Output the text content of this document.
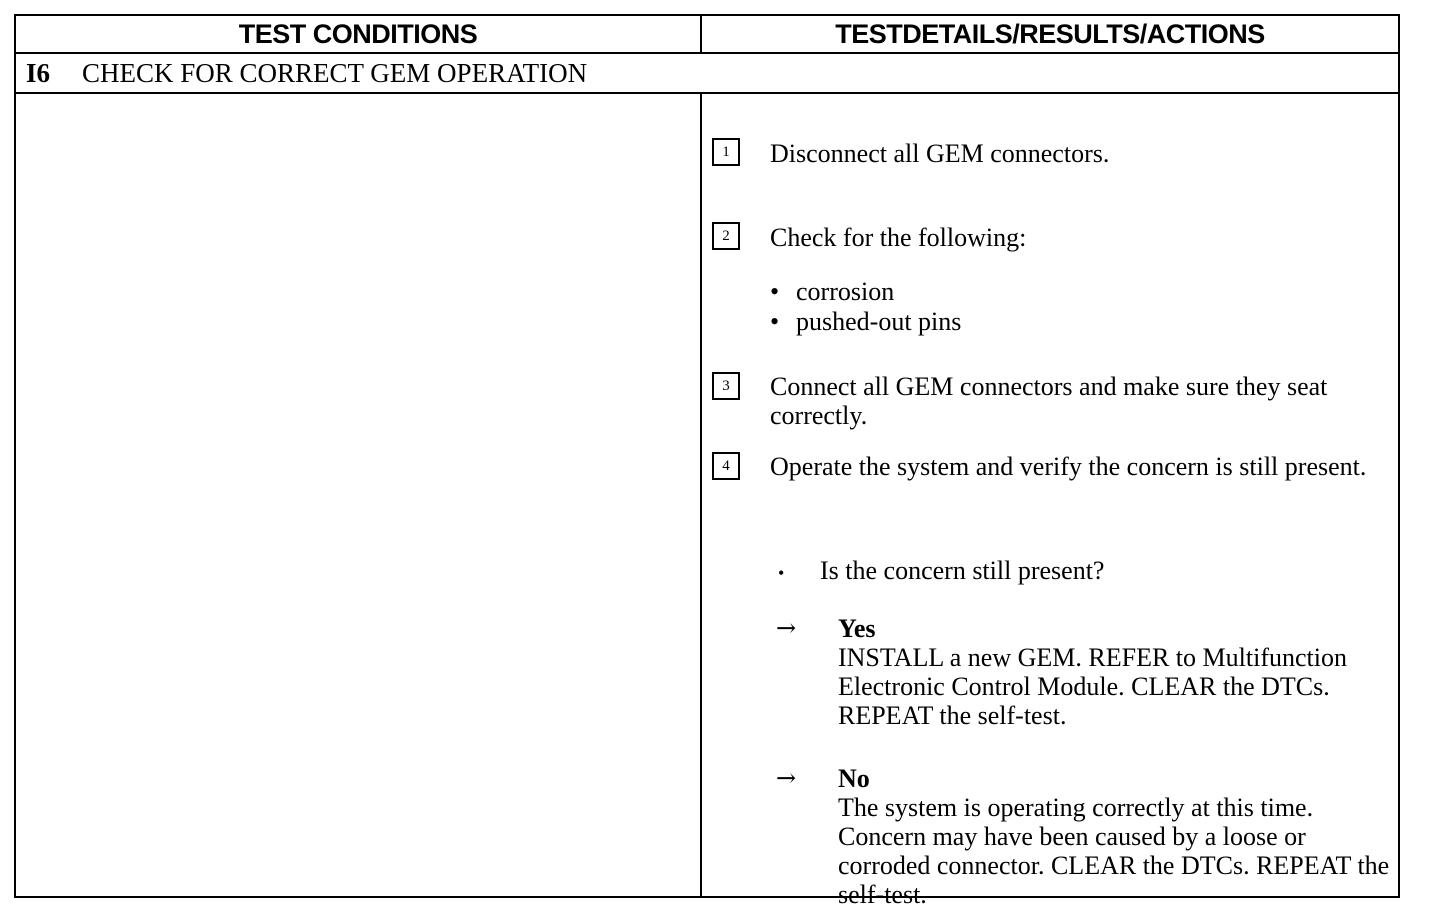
TEST CONDITIONS	TESTDETAILS/RESULTS/ACTIONS
I6	CHECK FOR CORRECT GEM OPERATION
1	Disconnect all GEM connectors.
2	Check for the following:
• corrosion
• pushed-out pins
3	Connect all GEM connectors and make sure they seat correctly.
4	Operate the system and verify the concern is still present.
• Is the concern still present?
→ Yes
INSTALL a new GEM. REFER to Multifunction Electronic Control Module. CLEAR the DTCs. REPEAT the self-test.
→ No
The system is operating correctly at this time. Concern may have been caused by a loose or corroded connector. CLEAR the DTCs. REPEAT the self-test.
